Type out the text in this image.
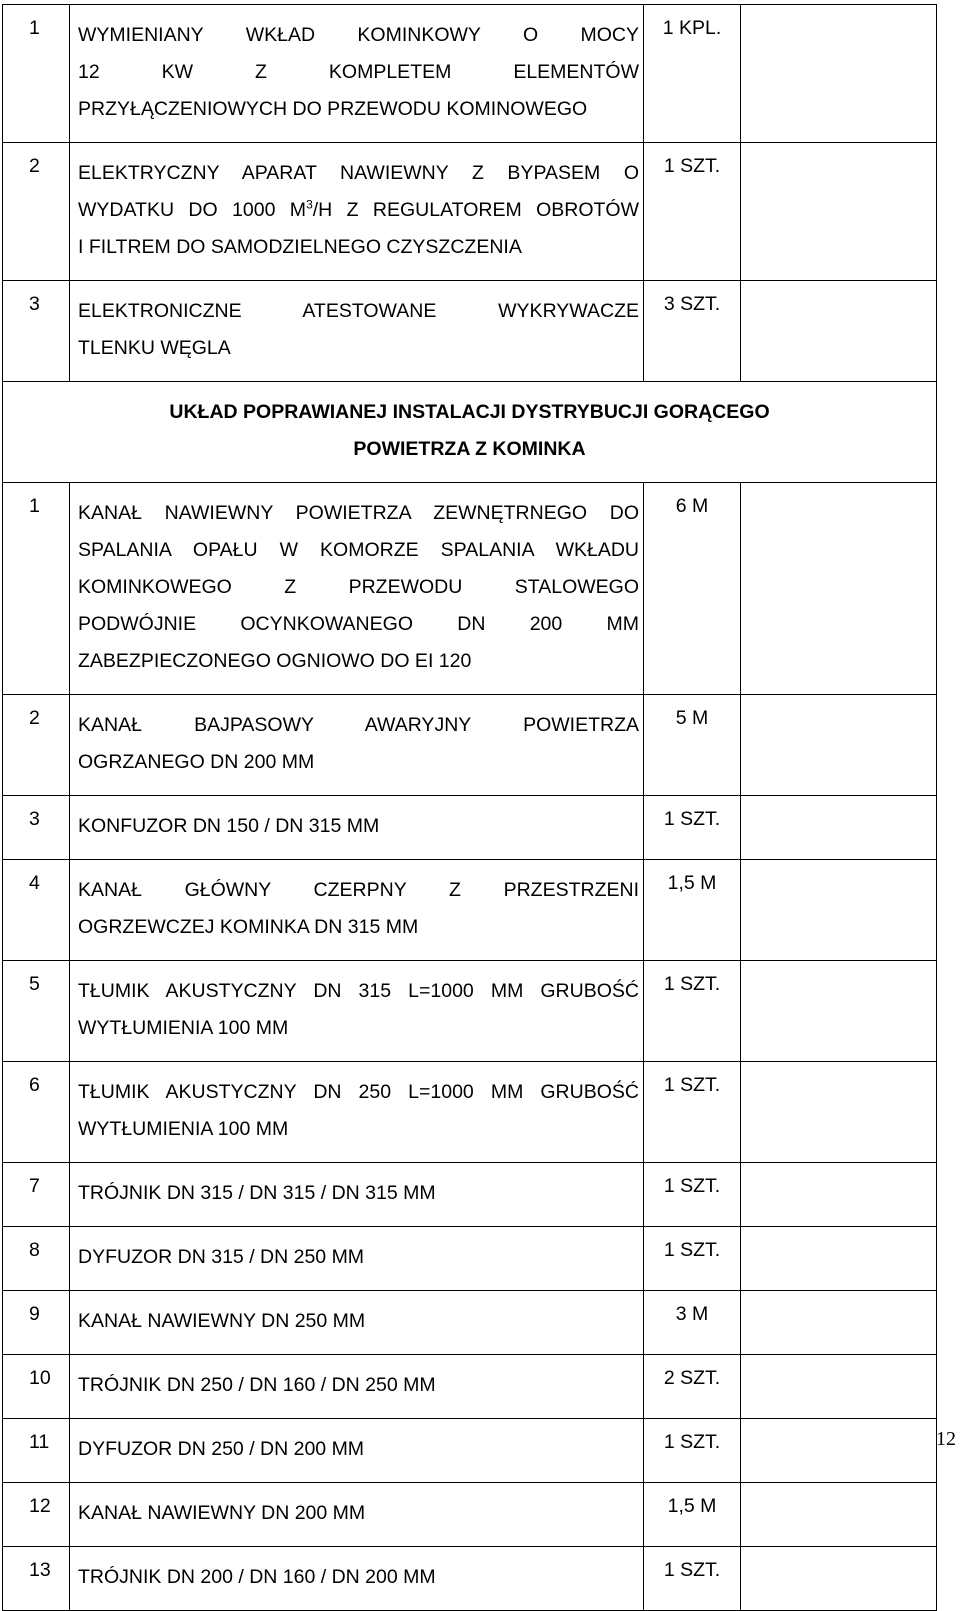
1	WYMIENIANY WKŁAD KOMINKOWY O MOCY
12 KW Z KOMPLETEM ELEMENTÓW
PRZYŁĄCZENIOWYCH DO PRZEWODU KOMINOWEGO	1 KPL.	
2	ELEKTRYCZNY APARAT NAWIEWNY Z BYPASEM O
WYDATKU DO 1000 $M^3/H$ Z REGULATOREM OBROTÓW
I FILTREM DO SAMODZIELNEGO CZYSZCZENIA	1 SZT.	
3	ELEKTRONICZNE ATESTOWANE WYKRYWACZE
TLENKU WĘGLA	3 SZT.	

UKŁAD POPRAWIANEJ INSTALACJI DYSTRYBUCJI GORĄCEGO
POWIETRZA Z KOMINKA			

1	KANAŁ NAWIEWNY POWIETRZA ZEWNĘTRNEGO DO
SPALANIA OPAŁU W KOMORZE SPALANIA WKŁADU
KOMINKOWEGO Z PRZEWODU STALOWEGO
PODWÓJNIE OCYNKOWANEGO DN 200 MM
ZABEZPIECZONEGO OGNIOWO DO EI 120	6 M	
2	KANAŁ BAJPASOWY AWARYJNY POWIETRZA
OGRZANEGO DN 200 MM	5 M	
3	KONFUZOR DN 150 / DN 315 MM	1 SZT.	
4	KANAŁ GŁÓWNY CZERPNY Z PRZESTRZENI
OGRZEWCZEJ KOMINKA DN 315 MM	1,5 M	
5	TŁUMIK AKUSTYCZNY DN 315 L=1000 MM GRUBOŚĆ
WYTŁUMIENIA 100 MM	1 SZT.	
6	TŁUMIK AKUSTYCZNY DN 250 L=1000 MM GRUBOŚĆ
WYTŁUMIENIA 100 MM	1 SZT.	
7	TRÓJNIK DN 315 / DN 315 / DN 315 MM	1 SZT.	
8	DYFUZOR DN 315 / DN 250 MM	1 SZT.	
9	KANAŁ NAWIEWNY DN 250 MM	3 M	
10	TRÓJNIK DN 250 / DN 160 / DN 250 MM	2 SZT.	
11	DYFUZOR DN 250 / DN 200 MM	1 SZT.	
12	KANAŁ NAWIEWNY DN 200 MM	1,5 M	
13	TRÓJNIK DN 200 / DN 160 / DN 200 MM	1 SZT.	
12
